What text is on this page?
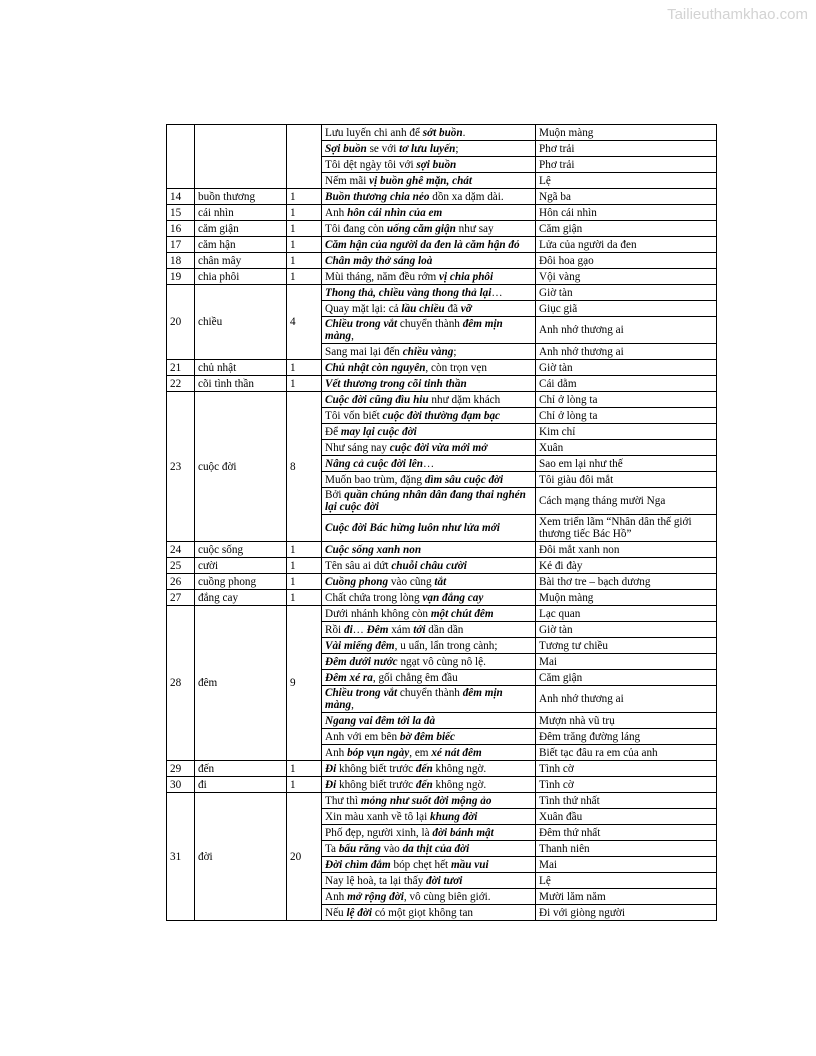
Tailieuthamkhao.com
			Lưu luyến chi anh để sớt buồn.	Muộn màng
			Sợi buồn se với tơ lưu luyến;	Phơ trải
			Tôi dệt ngày tôi với sợi buồn	Phơ trải
			Nếm mãi vị buồn ghê mặn, chát	Lệ
14	buồn thương	1	Buồn thương chia nẻo dồn xa dặm dài.	Ngã ba
15	cái nhìn	1	Anh hôn cái nhìn của em	Hôn cái nhìn
16	căm giận	1	Tôi đang còn uống căm giận như say	Căm giận
17	căm hận	1	Căm hận của người da đen là căm hận đỏ	Lửa của người da đen
18	chân mây	1	Chân mây thở sáng loà	Đôi hoa gạo
19	chia phôi	1	Mùi tháng, năm đều rớm vị chia phôi	Vội vàng
20	chiều	4	Thong thả, chiều vàng thong thả lại…	Giờ tàn
			Quay mặt lại: cả lầu chiều đã vỡ	Giục giã
			Chiều trong vắt chuyển thành đêm mịn màng,	Anh nhớ thương ai
			Sang mai lại đến chiều vàng;	Anh nhớ thương ai
21	chủ nhật	1	Chủ nhật còn nguyên, còn trọn vẹn	Giờ tàn
22	cõi tình thần	1	Vết thương trong cõi tinh thần	Cái dằm
23	cuộc đời	8	Cuộc đời cũng đìu hiu như dặm khách	Chỉ ở lòng ta
			Tôi vốn biết cuộc đời thường đạm bạc	Chỉ ở lòng ta
			Để may lại cuộc đời	Kim chỉ
			Như sáng nay cuộc đời vừa mới mở	Xuân
			Nâng cả cuộc đời lên…	Sao em lại như thế
			Muốn bao trùm, đặng dìm sâu cuộc đời	Tôi giàu đôi mắt
			Bởi quần chúng nhân dân đang thai nghén lại cuộc đời	Cách mạng tháng mười Nga
			Cuộc đời Bác hừng luôn như lửa mới	Xem triển lãm “Nhân dân thế giới thương tiếc Bác Hồ”
24	cuộc sống	1	Cuộc sống xanh non	Đôi mắt xanh non
25	cười	1	Tên sâu ai dứt chuỗi châu cười	Kẻ đi đày
26	cuồng phong	1	Cuồng phong vào cũng tắt	Bài thơ tre – bạch dương
27	đắng cay	1	Chất chứa trong lòng vạn đắng cay	Muộn màng
28	đêm	9	Dưới nhánh không còn một chút đêm	Lạc quan
			Rồi đi… Đêm xám tới dần dần	Giờ tàn
			Vài miếng đêm, u uẩn, lẩn trong cành;	Tương tư chiều
			Đêm dưới nước ngạt vô cùng nô lệ.	Mai
			Đêm xé ra, gối chẳng êm đầu	Căm giận
			Chiều trong vắt chuyển thành đêm mịn màng,	Anh nhớ thương ai
			Ngang vai đêm tới la đà	Mượn nhà vũ trụ
			Anh với em bên bờ đêm biếc	Đêm trăng đường láng
			Anh bóp vụn ngày, em xé nát đêm	Biết tạc đâu ra em của anh
29	đến	1	Đi không biết trước đến không ngờ.	Tình cờ
30	đi	1	Đi không biết trước đến không ngờ.	Tình cờ
31	đời	20	Thư thì mỏng như suốt đời mộng ảo	Tình thứ nhất
			Xin màu xanh về tô lại khung đời	Xuân đầu
			Phố đẹp, người xinh, là đời bánh mật	Đêm thứ nhất
			Ta bấu răng vào da thịt của đời	Thanh niên
			Đời chìm đắm bóp chẹt hết mầu vui	Mai
			Nay lệ hoà, ta lại thấy đời tươi	Lệ
			Anh mở rộng đời, vô cùng biên giới.	Mười lăm năm
			Nếu lệ đời có một giọt không tan	Đi với giòng người
